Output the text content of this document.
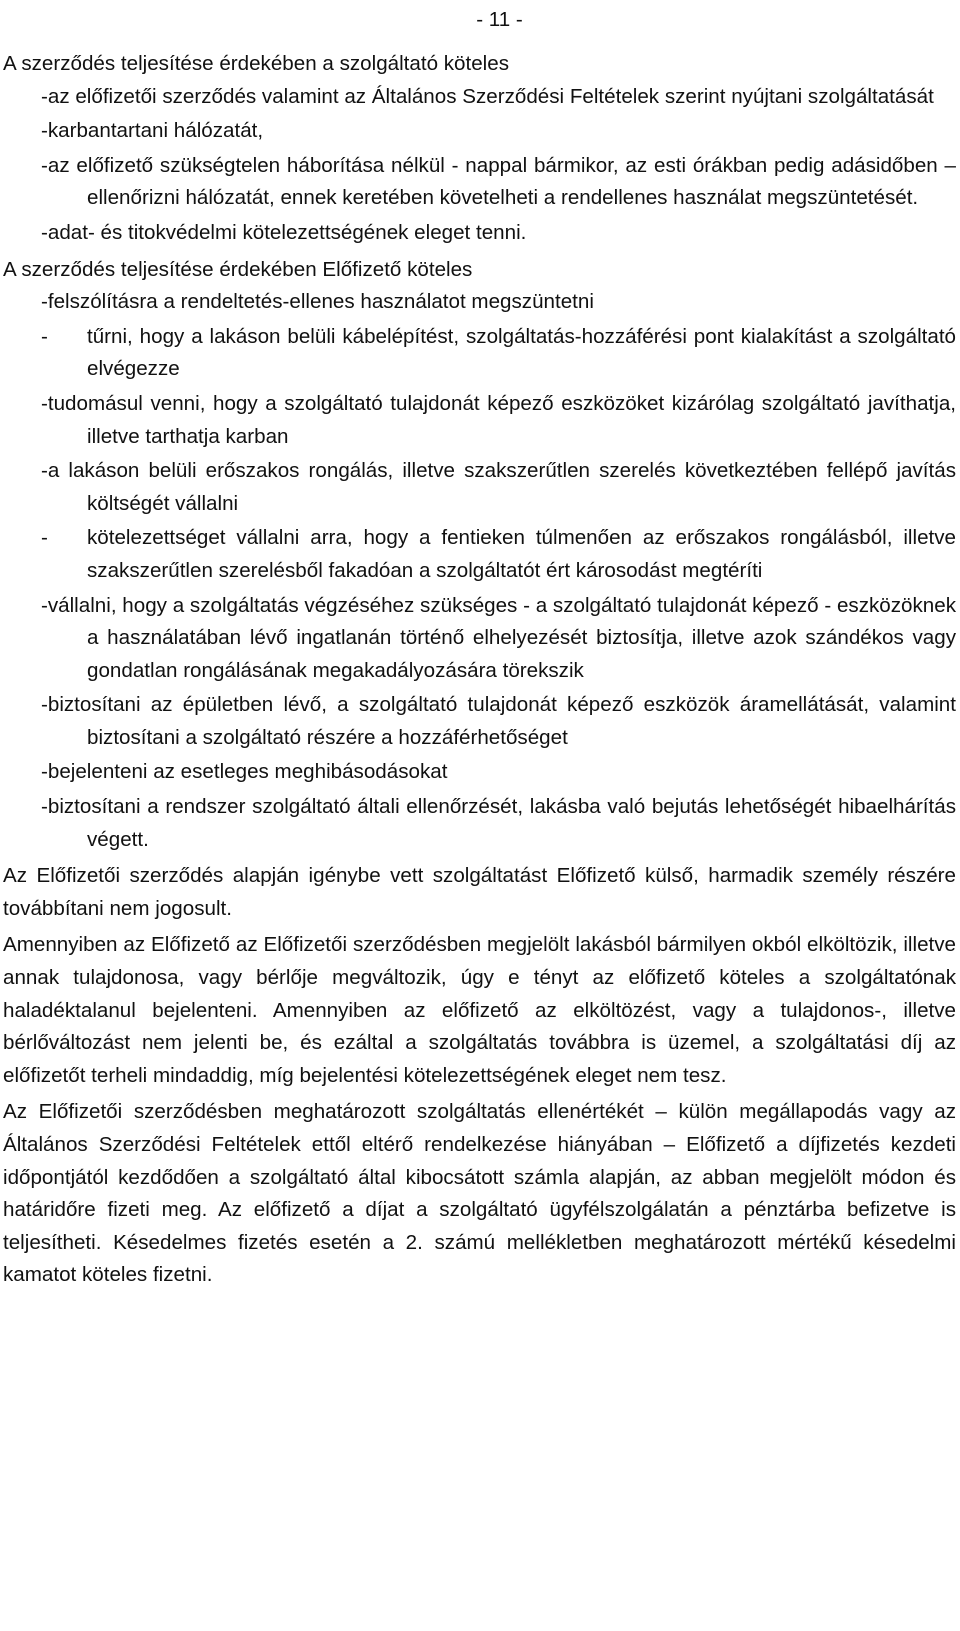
- 11 -

A szerződés teljesítése érdekében a szolgáltató köteles

-az előfizetői szerződés valamint az Általános Szerződési Feltételek szerint nyújtani szolgáltatását
-karbantartani hálózatát,
-az előfizető szükségtelen háborítása nélkül - nappal bármikor, az esti órákban pedig adásidőben – ellenőrizni hálózatát, ennek keretében követelheti a rendellenes használat megszüntetését.
-adat- és titokvédelmi kötelezettségének eleget tenni.

A szerződés teljesítése érdekében Előfizető köteles

-felszólításra a rendeltetés-ellenes használatot megszüntetni
- tűrni, hogy a lakáson belüli kábelépítést, szolgáltatás-hozzáférési pont kialakítást a szolgáltató elvégezze
-tudomásul venni, hogy a szolgáltató tulajdonát képező eszközöket kizárólag szolgáltató javíthatja, illetve tarthatja karban
-a lakáson belüli erőszakos rongálás, illetve szakszerűtlen szerelés következtében fellépő javítás költségét vállalni
- kötelezettséget vállalni arra, hogy a fentieken túlmenően az erőszakos rongálásból, illetve szakszerűtlen szerelésből fakadóan a szolgáltatót ért károsodást megtéríti
-vállalni, hogy a szolgáltatás végzéséhez szükséges - a szolgáltató tulajdonát képező - eszközöknek a használatában lévő ingatlanán történő elhelyezését biztosítja, illetve azok szándékos vagy gondatlan rongálásának megakadályozására törekszik
-biztosítani az épületben lévő, a szolgáltató tulajdonát képező eszközök áramellátását, valamint biztosítani a szolgáltató részére a hozzáférhetőséget
-bejelenteni az esetleges meghibásodásokat
-biztosítani a rendszer szolgáltató általi ellenőrzését, lakásba való bejutás lehetőségét hibaelhárítás végett.

Az Előfizetői szerződés alapján igénybe vett szolgáltatást Előfizető külső, harmadik személy részére továbbítani nem jogosult.

Amennyiben az Előfizető az Előfizetői szerződésben megjelölt lakásból bármilyen okból elköltözik, illetve annak tulajdonosa, vagy bérlője megváltozik, úgy e tényt az előfizető köteles a szolgáltatónak haladéktalanul bejelenteni. Amennyiben az előfizető az elköltözést, vagy a tulajdonos-, illetve bérlőváltozást nem jelenti be, és ezáltal a szolgáltatás továbbra is üzemel, a szolgáltatási díj az előfizetőt terheli mindaddig, míg bejelentési kötelezettségének eleget nem tesz.

Az Előfizetői szerződésben meghatározott szolgáltatás ellenértékét – külön megállapodás vagy az Általános Szerződési Feltételek ettől eltérő rendelkezése hiányában – Előfizető a díjfizetés kezdeti időpontjától kezdődően a szolgáltató által kibocsátott számla alapján, az abban megjelölt módon és határidőre fizeti meg. Az előfizető a díjat a szolgáltató ügyfélszolgálatán a pénztárba befizetve is teljesítheti. Késedelmes fizetés esetén a 2. számú mellékletben meghatározott mértékű késedelmi kamatot köteles fizetni.
